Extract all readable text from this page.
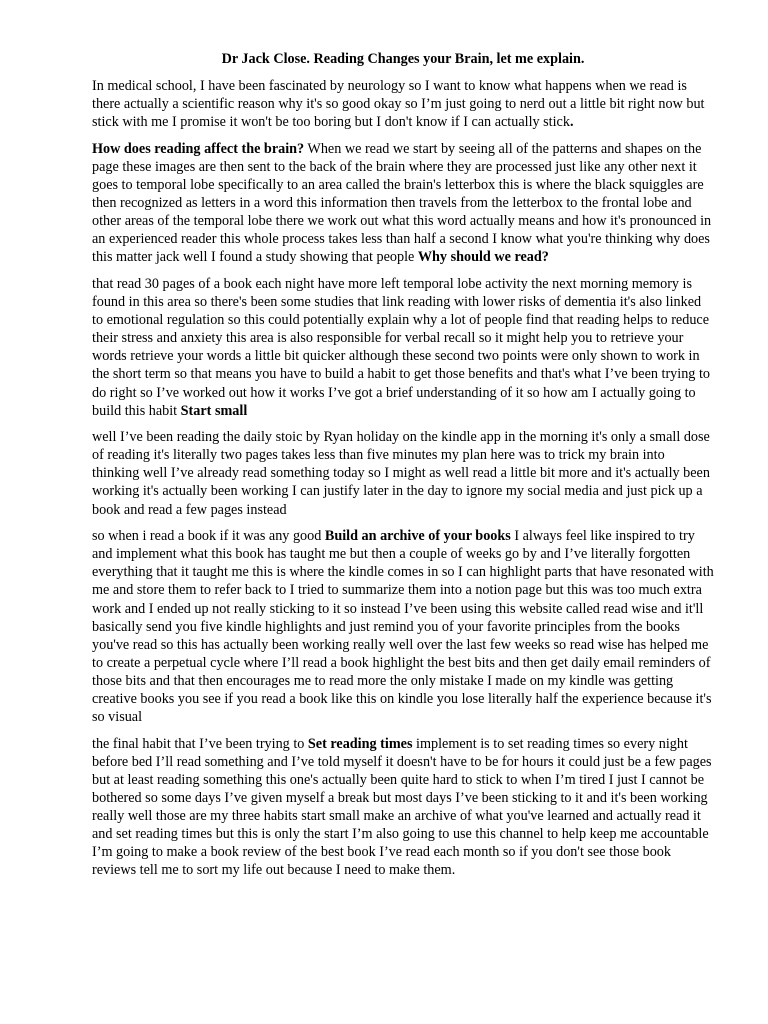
Dr Jack Close. Reading Changes your Brain, let me explain.

In medical school, I have been fascinated by neurology so I want to know what happens when we read is there actually a scientific reason why it's so good okay so I’m just going to nerd out a little bit right now but stick with me I promise it won't be too boring but I don't know if I can actually stick.

How does reading affect the brain? When we read we start by seeing all of the patterns and shapes on the page these images are then sent to the back of the brain where they are processed just like any other next it goes to temporal lobe specifically to an area called the brain's letterbox this is where the black squiggles are then recognized as letters in a word this information then travels from the letterbox to the frontal lobe and other areas of the temporal lobe there we work out what this word actually means and how it's pronounced in an experienced reader this whole process takes less than half a second I know what you're thinking why does this matter jack well I found a study showing that people Why should we read?

that read 30 pages of a book each night have more left temporal lobe activity the next morning memory is found in this area so there's been some studies that link reading with lower risks of dementia it's also linked to emotional regulation so this could potentially explain why a lot of people find that reading helps to reduce their stress and anxiety this area is also responsible for verbal recall so it might help you to retrieve your words retrieve your words a little bit quicker although these second two points were only shown to work in the short term so that means you have to build a habit to get those benefits and that's what I’ve been trying to do right so I’ve worked out how it works I’ve got a brief understanding of it so how am I actually going to build this habit Start small

well I’ve been reading the daily stoic by Ryan holiday on the kindle app in the morning it's only a small dose of reading it's literally two pages takes less than five minutes my plan here was to trick my brain into thinking well I’ve already read something today so I might as well read a little bit more and it's actually been working it's actually been working I can justify later in the day to ignore my social media and just pick up a book and read a few pages instead

so when i read a book if it was any good Build an archive of your books I always feel like inspired to try and implement what this book has taught me but then a couple of weeks go by and I’ve literally forgotten everything that it taught me this is where the kindle comes in so I can highlight parts that have resonated with me and store them to refer back to I tried to summarize them into a notion page but this was too much extra work and I ended up not really sticking to it so instead I’ve been using this website called read wise and it'll basically send you five kindle highlights and just remind you of your favorite principles from the books you've read so this has actually been working really well over the last few weeks so read wise has helped me to create a perpetual cycle where I’ll read a book highlight the best bits and then get daily email reminders of those bits and that then encourages me to read more the only mistake I made on my kindle was getting creative books you see if you read a book like this on kindle you lose literally half the experience because it's so visual

the final habit that I’ve been trying to Set reading times implement is to set reading times so every night before bed I’ll read something and I’ve told myself it doesn't have to be for hours it could just be a few pages but at least reading something this one's actually been quite hard to stick to when I’m tired I just I cannot be bothered so some days I’ve given myself a break but most days I’ve been sticking to it and it's been working really well those are my three habits start small make an archive of what you've learned and actually read it and set reading times but this is only the start I’m also going to use this channel to help keep me accountable I’m going to make a book review of the best book I’ve read each month so if you don't see those book reviews tell me to sort my life out because I need to make them.
